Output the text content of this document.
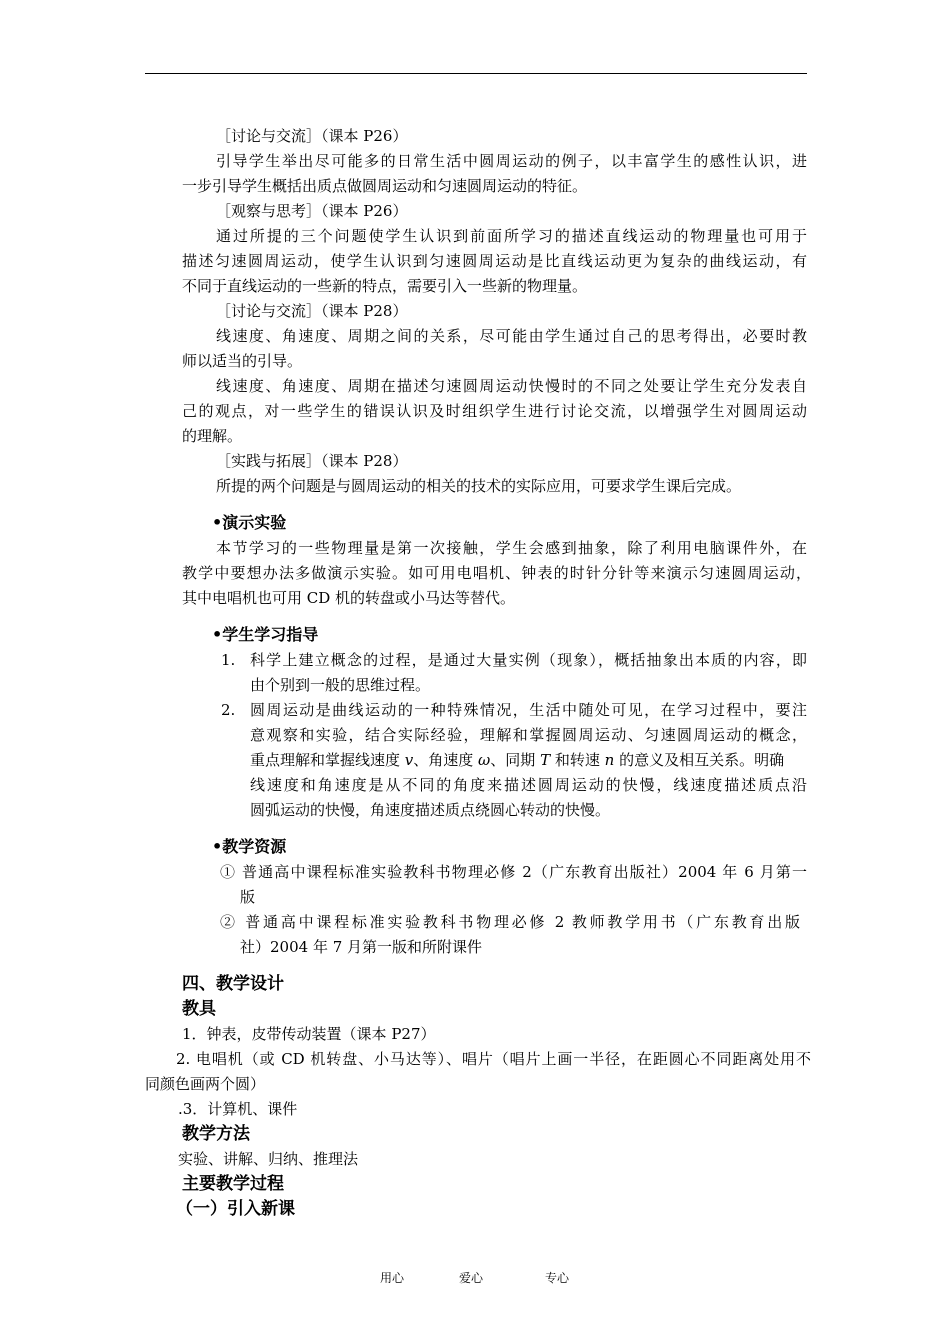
［讨论与交流］（课本 P26）
引导学生举出尽可能多的日常生活中圆周运动的例子，以丰富学生的感性认识，进
一步引导学生概括出质点做圆周运动和匀速圆周运动的特征。
［观察与思考］（课本 P26）
通过所提的三个问题使学生认识到前面所学习的描述直线运动的物理量也可用于
描述匀速圆周运动，使学生认识到匀速圆周运动是比直线运动更为复杂的曲线运动，有
不同于直线运动的一些新的特点，需要引入一些新的物理量。
［讨论与交流］（课本 P28）
线速度、角速度、周期之间的关系，尽可能由学生通过自己的思考得出，必要时教
师以适当的引导。
线速度、角速度、周期在描述匀速圆周运动快慢时的不同之处要让学生充分发表自
己的观点，对一些学生的错误认识及时组织学生进行讨论交流，以增强学生对圆周运动
的理解。
［实践与拓展］（课本 P28）
所提的两个问题是与圆周运动的相关的技术的实际应用，可要求学生课后完成。
•演示实验
本节学习的一些物理量是第一次接触，学生会感到抽象，除了利用电脑课件外，在
教学中要想办法多做演示实验。如可用电唱机、钟表的时针分针等来演示匀速圆周运动，
其中电唱机也可用 CD 机的转盘或小马达等替代。
•学生学习指导
1. 科学上建立概念的过程，是通过大量实例（现象），概括抽象出本质的内容，即
由个别到一般的思维过程。
2. 圆周运动是曲线运动的一种特殊情况，生活中随处可见，在学习过程中，要注
意观察和实验，结合实际经验，理解和掌握圆周运动、匀速圆周运动的概念，
重点理解和掌握线速度 v、角速度 ω、同期 T 和转速 n 的意义及相互关系。明确
线速度和角速度是从不同的角度来描述圆周运动的快慢，线速度描述质点沿
圆弧运动的快慢，角速度描述质点绕圆心转动的快慢。
•教学资源
① 普通高中课程标准实验教科书物理必修 2（广东教育出版社）2004 年 6 月第一
版
② 普通高中课程标准实验教科书物理必修 2 教师教学用书（广东教育出版
社）2004 年 7 月第一版和所附课件
四、教学设计
教具
1．钟表，皮带传动装置（课本 P27）
2. 电唱机（或 CD 机转盘、小马达等）、唱片（唱片上画一半径，在距圆心不同距离处用不
同颜色画两个圆）
.3．计算机、课件
教学方法
实验、讲解、归纳、推理法
主要教学过程
（一）引入新课
用心	爱心	专心
